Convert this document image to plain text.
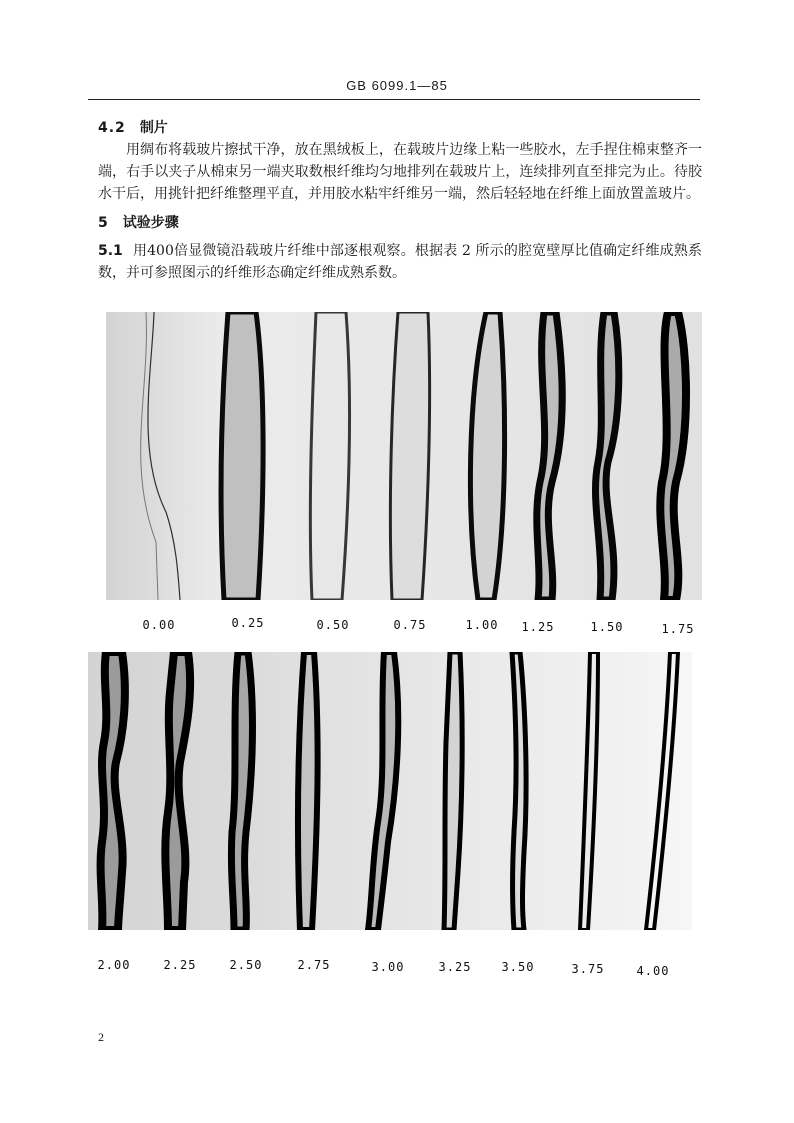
GB 6099.1—85
4.2 制片
用绸布将载玻片擦拭干净，放在黑绒板上，在载玻片边缘上粘一些胶水，左手捏住棉束整齐一端，右手以夹子从棉束另一端夹取数根纤维均匀地排列在载玻片上，连续排列直至排完为止。待胶水干后，用挑针把纤维整理平直，并用胶水粘牢纤维另一端，然后轻轻地在纤维上面放置盖玻片。
5 试验步骤
5.1 用400倍显微镜沿载玻片纤维中部逐根观察。根据表 2 所示的腔宽壁厚比值确定纤维成熟系数，并可参照图示的纤维形态确定纤维成熟系数。
0.00	0.25	0.50	0.75	1.00 1.25	1.50	1.75
2.00	2.25	2.50	2.75	3.00	3.25	3.50	3.75	4.00
2
